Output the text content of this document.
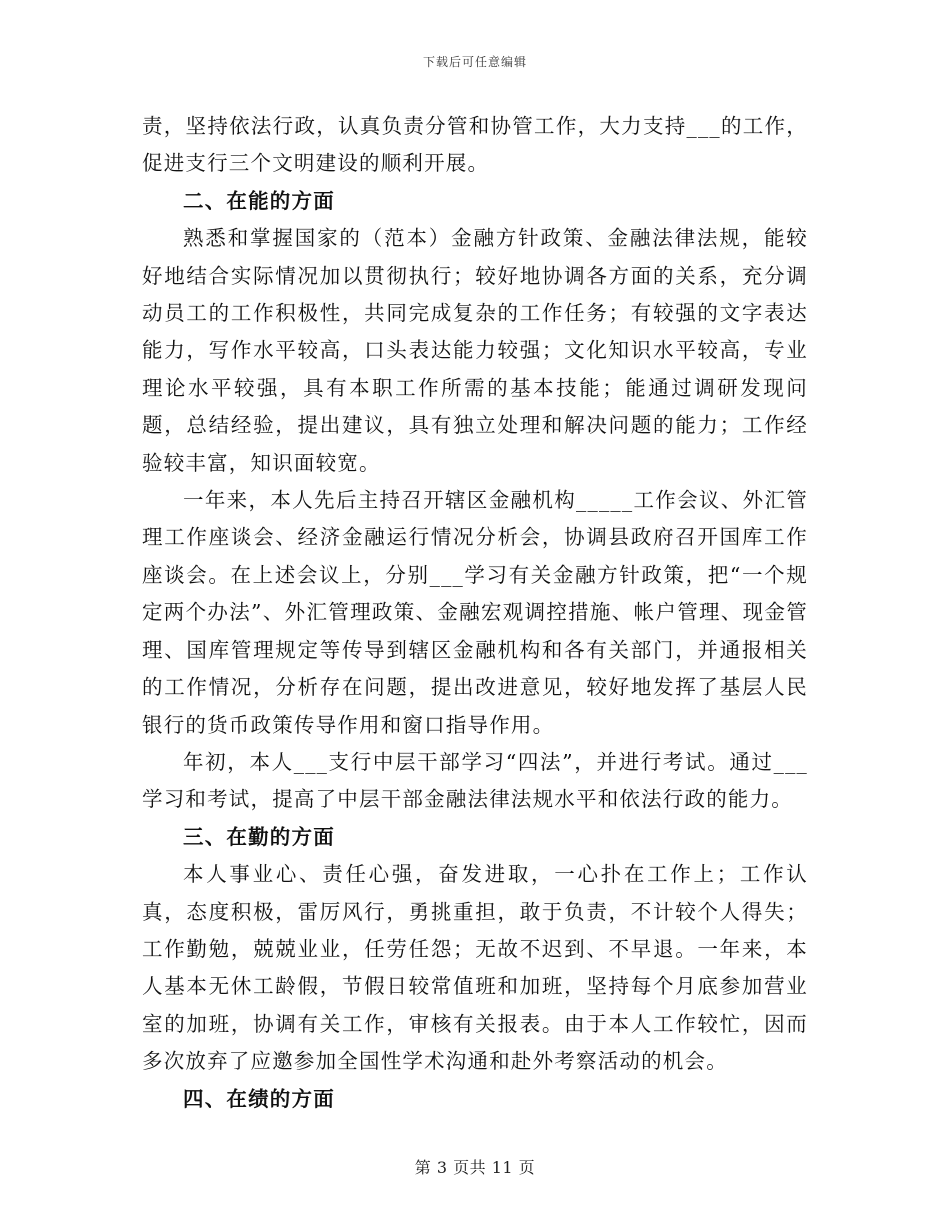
下载后可任意编辑

责，坚持依法行政，认真负责分管和协管工作，大力支持___的工作，促进支行三个文明建设的顺利开展。

二、在能的方面

熟悉和掌握国家的（范本）金融方针政策、金融法律法规，能较好地结合实际情况加以贯彻执行；较好地协调各方面的关系，充分调动员工的工作积极性，共同完成复杂的工作任务；有较强的文字表达能力，写作水平较高，口头表达能力较强；文化知识水平较高，专业理论水平较强，具有本职工作所需的基本技能；能通过调研发现问题，总结经验，提出建议，具有独立处理和解决问题的能力；工作经验较丰富，知识面较宽。

一年来，本人先后主持召开辖区金融机构_____工作会议、外汇管理工作座谈会、经济金融运行情况分析会，协调县政府召开国库工作座谈会。在上述会议上，分别___学习有关金融方针政策，把“一个规定两个办法”、外汇管理政策、金融宏观调控措施、帐户管理、现金管理、国库管理规定等传导到辖区金融机构和各有关部门，并通报相关的工作情况，分析存在问题，提出改进意见，较好地发挥了基层人民银行的货币政策传导作用和窗口指导作用。

年初，本人___支行中层干部学习“四法”，并进行考试。通过___学习和考试，提高了中层干部金融法律法规水平和依法行政的能力。

三、在勤的方面

本人事业心、责任心强，奋发进取，一心扑在工作上；工作认真，态度积极，雷厉风行，勇挑重担，敢于负责，不计较个人得失；工作勤勉，兢兢业业，任劳任怨；无故不迟到、不早退。一年来，本人基本无休工龄假，节假日较常值班和加班，坚持每个月底参加营业室的加班，协调有关工作，审核有关报表。由于本人工作较忙，因而多次放弃了应邀参加全国性学术沟通和赴外考察活动的机会。

四、在绩的方面

第 3 页共 11 页
